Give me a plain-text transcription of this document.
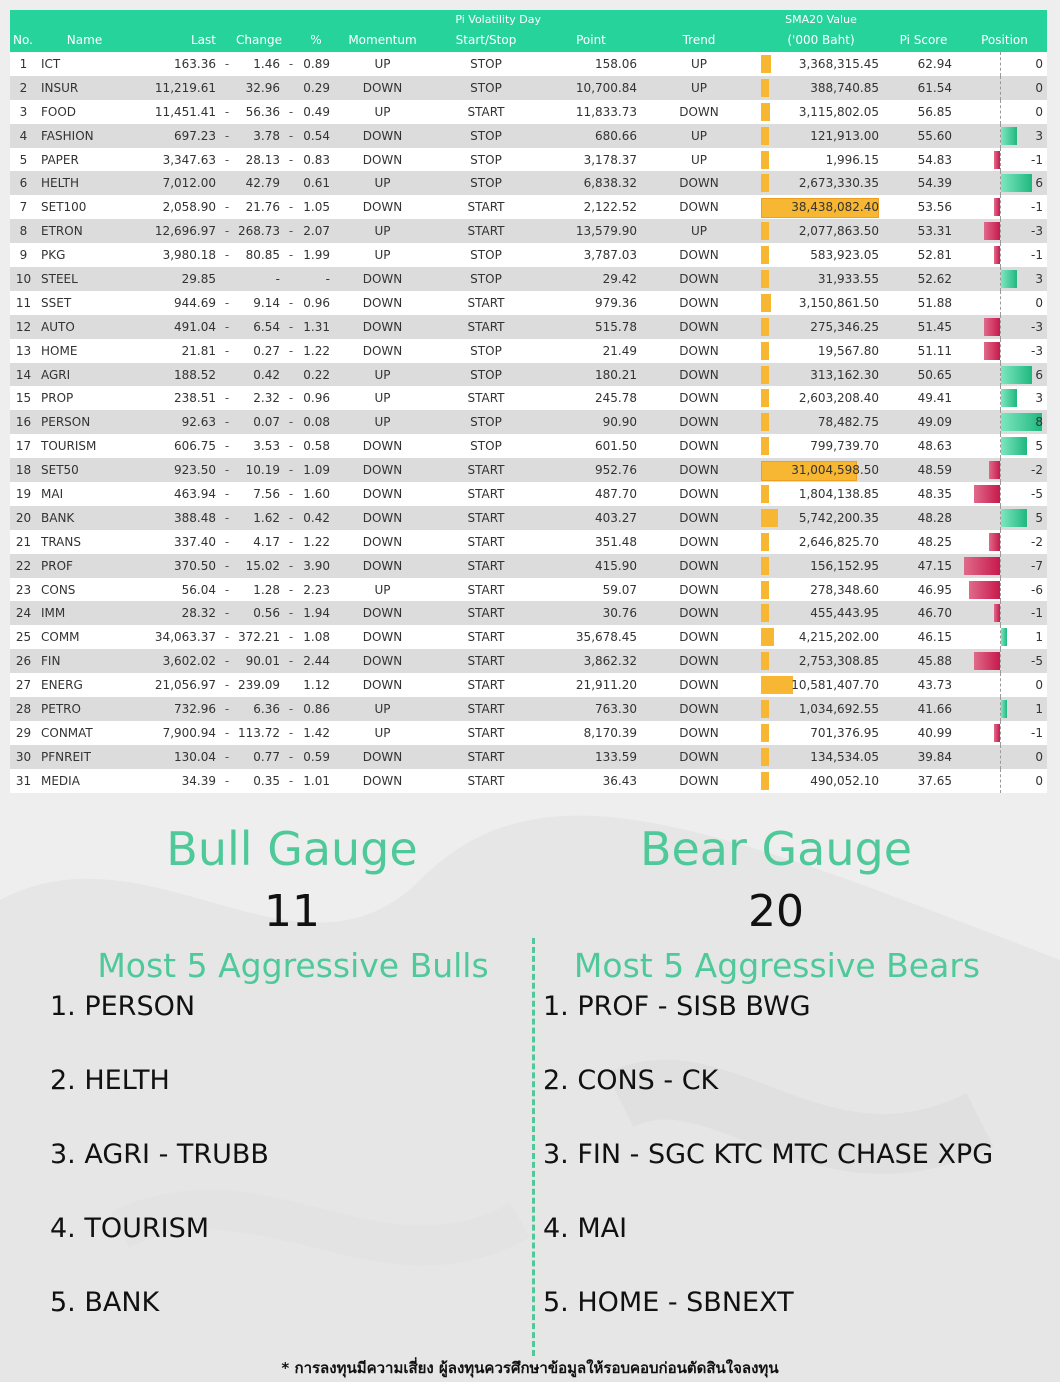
								Pi Volatility Day			SMA20 Value		
No.	Name	Last		Change		%	Momentum	Start/Stop	Point	Trend	('000 Baht)	Pi Score	Position
1	ICT	163.36	-	1.46	-	0.89	UP	STOP	158.06	UP	3,368,315.45	62.94	0

2	INSUR	11,219.61		32.96		0.29	DOWN	STOP	10,700.84	UP	388,740.85	61.54	0

3	FOOD	11,451.41	-	56.36	-	0.49	UP	START	11,833.73	DOWN	3,115,802.05	56.85	0

4	FASHION	697.23	-	3.78	-	0.54	DOWN	STOP	680.66	UP	121,913.00	55.60	3

5	PAPER	3,347.63	-	28.13	-	0.83	DOWN	STOP	3,178.37	UP	1,996.15	54.83	-1

6	HELTH	7,012.00		42.79		0.61	UP	STOP	6,838.32	DOWN	2,673,330.35	54.39	6

7	SET100	2,058.90	-	21.76	-	1.05	DOWN	START	2,122.52	DOWN	38,438,082.40	53.56	-1

8	ETRON	12,696.97	-	268.73	-	2.07	UP	START	13,579.90	UP	2,077,863.50	53.31	-3

9	PKG	3,980.18	-	80.85	-	1.99	UP	STOP	3,787.03	DOWN	583,923.05	52.81	-1

10	STEEL	29.85		-		-	DOWN	STOP	29.42	DOWN	31,933.55	52.62	3

11	SSET	944.69	-	9.14	-	0.96	DOWN	START	979.36	DOWN	3,150,861.50	51.88	0

12	AUTO	491.04	-	6.54	-	1.31	DOWN	START	515.78	DOWN	275,346.25	51.45	-3

13	HOME	21.81	-	0.27	-	1.22	DOWN	STOP	21.49	DOWN	19,567.80	51.11	-3

14	AGRI	188.52		0.42		0.22	UP	STOP	180.21	DOWN	313,162.30	50.65	6

15	PROP	238.51	-	2.32	-	0.96	UP	START	245.78	DOWN	2,603,208.40	49.41	3

16	PERSON	92.63	-	0.07	-	0.08	UP	STOP	90.90	DOWN	78,482.75	49.09	8

17	TOURISM	606.75	-	3.53	-	0.58	DOWN	STOP	601.50	DOWN	799,739.70	48.63	5

18	SET50	923.50	-	10.19	-	1.09	DOWN	START	952.76	DOWN	31,004,598.50	48.59	-2

19	MAI	463.94	-	7.56	-	1.60	DOWN	START	487.70	DOWN	1,804,138.85	48.35	-5

20	BANK	388.48	-	1.62	-	0.42	DOWN	START	403.27	DOWN	5,742,200.35	48.28	5

21	TRANS	337.40	-	4.17	-	1.22	DOWN	START	351.48	DOWN	2,646,825.70	48.25	-2

22	PROF	370.50	-	15.02	-	3.90	DOWN	START	415.90	DOWN	156,152.95	47.15	-7

23	CONS	56.04	-	1.28	-	2.23	UP	START	59.07	DOWN	278,348.60	46.95	-6

24	IMM	28.32	-	0.56	-	1.94	DOWN	START	30.76	DOWN	455,443.95	46.70	-1

25	COMM	34,063.37	-	372.21	-	1.08	DOWN	START	35,678.45	DOWN	4,215,202.00	46.15	1

26	FIN	3,602.02	-	90.01	-	2.44	DOWN	START	3,862.32	DOWN	2,753,308.85	45.88	-5

27	ENERG	21,056.97	-	239.09		1.12	DOWN	START	21,911.20	DOWN	10,581,407.70	43.73	0

28	PETRO	732.96	-	6.36	-	0.86	UP	START	763.30	DOWN	1,034,692.55	41.66	1

29	CONMAT	7,900.94	-	113.72	-	1.42	UP	START	8,170.39	DOWN	701,376.95	40.99	-1

30	PFNREIT	130.04	-	0.77	-	0.59	DOWN	START	133.59	DOWN	134,534.05	39.84	0

31	MEDIA	34.39	-	0.35	-	1.01	DOWN	START	36.43	DOWN	490,052.10	37.65	0
Bull Gauge
11
Most 5 Aggressive Bulls
1. PERSON
2. HELTH
3. AGRI - TRUBB
4. TOURISM
5. BANK
Bear Gauge
20
Most 5 Aggressive Bears
1. PROF - SISB BWG
2. CONS - CK
3. FIN - SGC KTC MTC CHASE XPG
4. MAI
5. HOME - SBNEXT
* การลงทุนมีความเสี่ยง ผู้ลงทุนควรศึกษาข้อมูลให้รอบคอบก่อนตัดสินใจลงทุน
